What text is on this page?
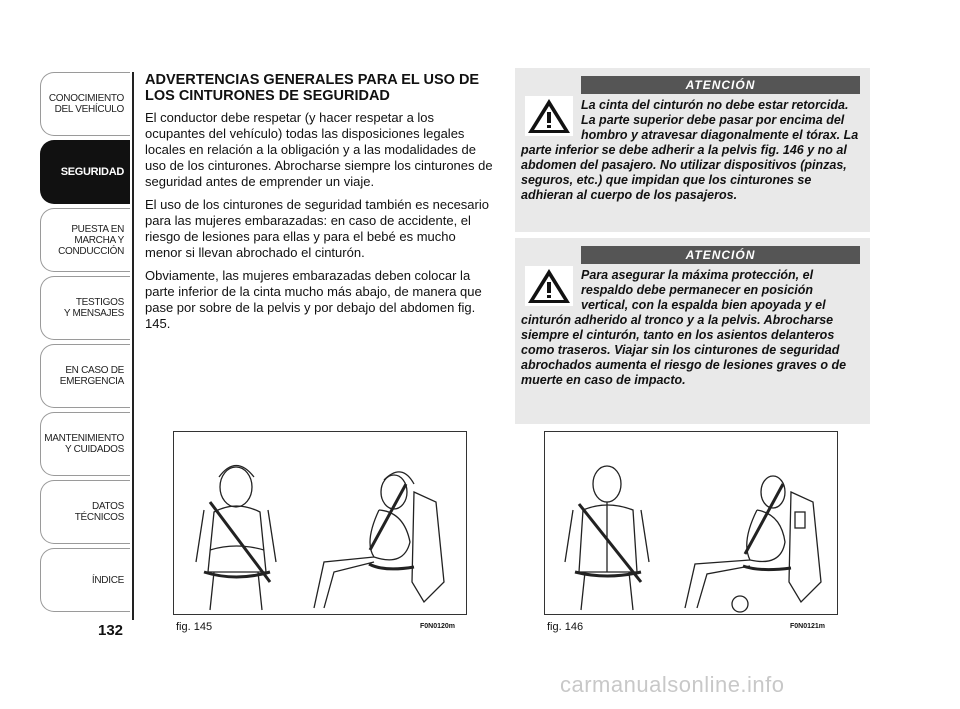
CONOCIMIENTO
DEL VEHÍCULO
SEGURIDAD
PUESTA EN
MARCHA Y
CONDUCCIÓN
TESTIGOS
Y MENSAJES
EN CASO DE
EMERGENCIA
MANTENIMIENTO
Y CUIDADOS
DATOS
TÉCNICOS
ÍNDICE
132
ADVERTENCIAS GENERALES PARA EL USO DE LOS CINTURONES DE SEGURIDAD

El conductor debe respetar (y hacer respetar a los ocupantes del vehículo) todas las disposiciones legales locales en relación a la obligación y a las modalidades de uso de los cinturones. Abrocharse siempre los cinturones de seguridad antes de emprender un viaje.

El uso de los cinturones de seguridad también es necesario para las mujeres embarazadas: en caso de accidente, el riesgo de lesiones para ellas y para el bebé es mucho menor si llevan abrochado el cinturón.

Obviamente, las mujeres embarazadas deben colocar la parte inferior de la cinta mucho más abajo, de manera que pase por sobre de la pelvis y por debajo del abdomen fig. 145.

ATENCIÓN
La cinta del cinturón no debe estar retorcida. La parte superior debe pasar por encima del hombro y atravesar diagonalmente el tórax. La parte inferior se debe adherir a la pelvis fig. 146 y no al abdomen del pasajero. No utilizar dispositivos (pinzas, seguros, etc.) que impidan que los cinturones se adhieran al cuerpo de los pasajeros.
ATENCIÓN
Para asegurar la máxima protección, el respaldo debe permanecer en posición vertical, con la espalda bien apoyada y el cinturón adherido al tronco y a la pelvis. Abrocharse siempre el cinturón, tanto en los asientos delanteros como traseros. Viajar sin los cinturones de seguridad abrochados aumenta el riesgo de lesiones graves o de muerte en caso de impacto.
fig. 145	F0N0120m	fig. 146	F0N0121m
carmanualsonline.info
